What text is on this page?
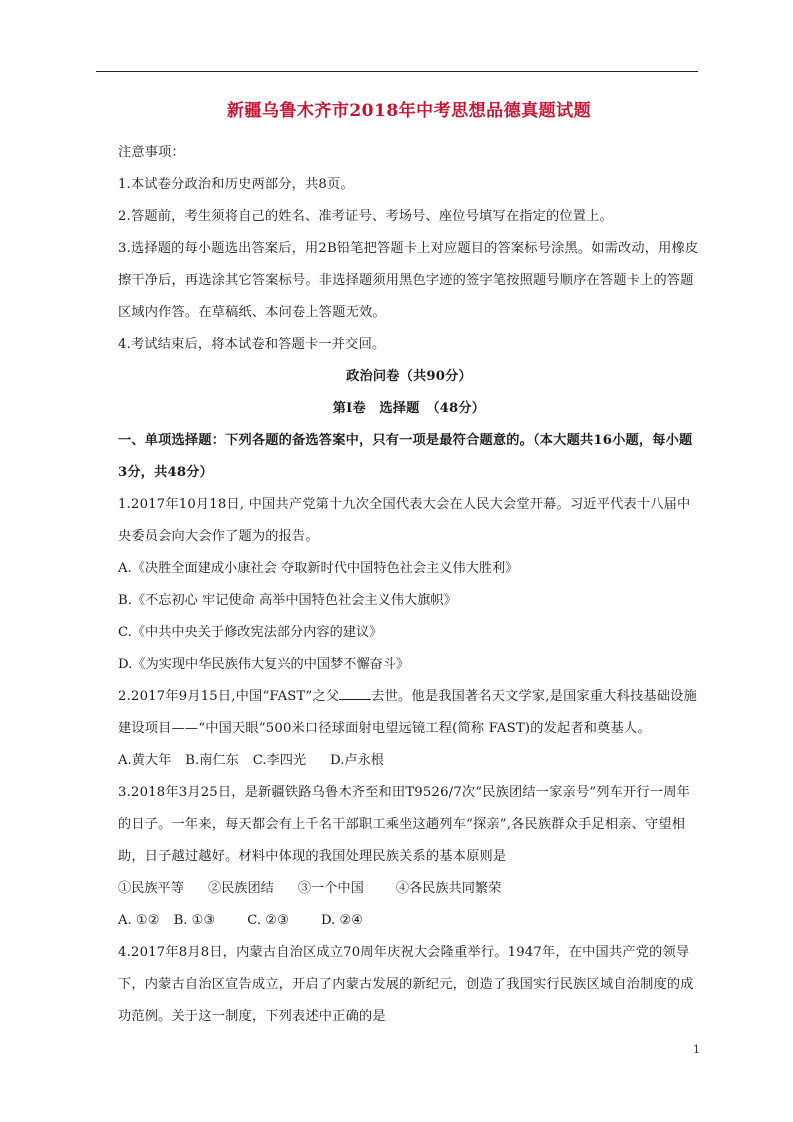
新疆乌鲁木齐市2018年中考思想品德真题试题

注意事项：

1.本试卷分政治和历史两部分，共8页。

2.答题前，考生须将自己的姓名、准考证号、考场号、座位号填写在指定的位置上。

3.选择题的每小题选出答案后，用2B铅笔把答题卡上对应题目的答案标号涂黑。如需改动，用橡皮擦干净后，再选涂其它答案标号。非选择题须用黑色字迹的签字笔按照题号顺序在答题卡上的答题区域内作答。在草稿纸、本问卷上答题无效。

4.考试结束后，将本试卷和答题卡一并交回。

政治问卷（共90分）

第Ⅰ卷　选择题　（48分）

一、单项选择题：下列各题的备选答案中，只有一项是最符合题意的。（本大题共16小题，每小题3分，共48分）

1.2017年10月18日, 中国共产党第十九次全国代表大会在人民大会堂开幕。习近平代表十八届中央委员会向大会作了题为的报告。

A.《决胜全面建成小康社会 夺取新时代中国特色社会主义伟大胜利》

B.《不忘初心 牢记使命 高举中国特色社会主义伟大旗帜》

C.《中共中央关于修改宪法部分内容的建议》

D.《为实现中华民族伟大复兴的中国梦不懈奋斗》

2.2017年9月15日,中国“FAST”之父 去世。他是我国著名天文学家,是国家重大科技基础设施建设项目——“中国天眼”500米口径球面射电望远镜工程(简称 FAST)的发起者和奠基人。

A.黄大年 B.南仁东 C.李四光 D.卢永根

3.2018年3月25日，是新疆铁路乌鲁木齐至和田T9526/7次“民族团结一家亲号”列车开行一周年的日子。一年来，每天都会有上千名干部职工乘坐这趟列车“探亲”,各民族群众手足相亲、守望相助，日子越过越好。材料中体现的我国处理民族关系的基本原则是

①民族平等 ②民族团结 ③一个中国 ④各民族共同繁荣

A. ①② B. ①③ C. ②③ D. ②④

4.2017年8月8日，内蒙古自治区成立70周年庆祝大会隆重举行。1947年，在中国共产党的领导下，内蒙古自治区宣告成立，开启了内蒙古发展的新纪元，创造了我国实行民族区域自治制度的成功范例。关于这一制度，下列表述中正确的是

1
